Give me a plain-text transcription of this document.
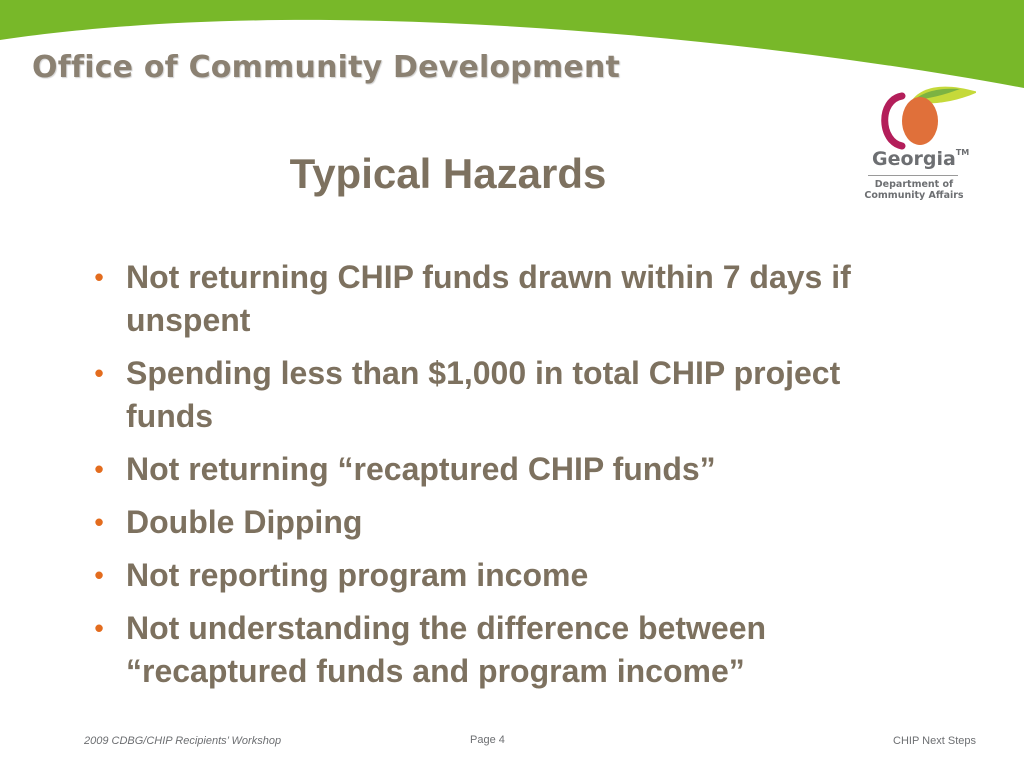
Office of Community Development
Georgia™
Department of
Community Affairs
Typical Hazards
• Not returning CHIP funds drawn within 7 days if unspent
• Spending less than $1,000 in total CHIP project funds
• Not returning “recaptured CHIP funds”
• Double Dipping
• Not reporting program income
• Not understanding the difference between “recaptured funds and program income”
2009 CDBG/CHIP Recipients’ Workshop	Page 4	CHIP Next Steps
